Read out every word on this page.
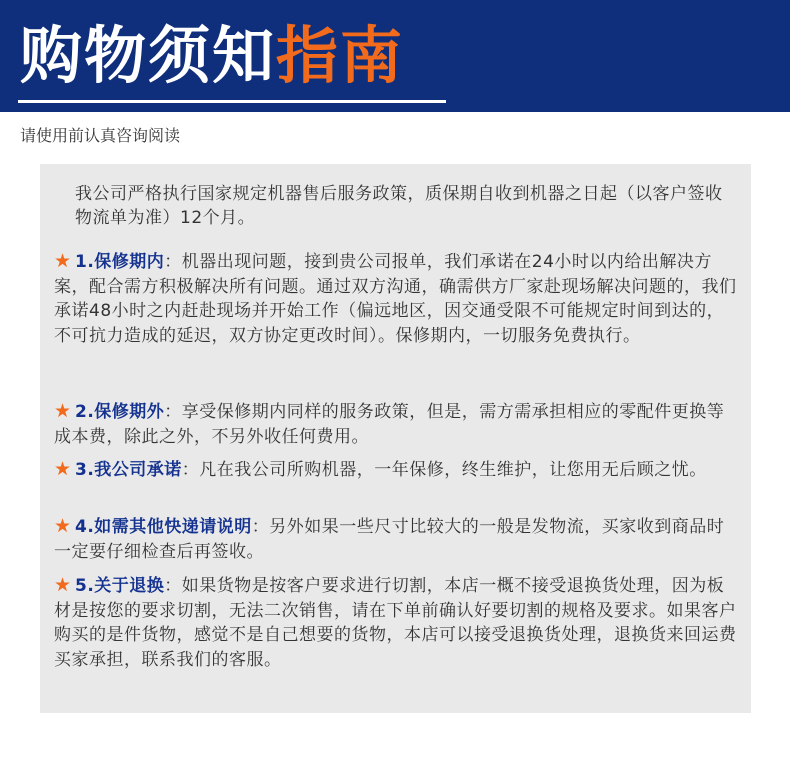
购物须知指南
请使用前认真咨询阅读
我公司严格执行国家规定机器售后服务政策，质保期自收到机器之日起（以客户签收物流单为准）12个月。
★ 1.保修期内：机器出现问题，接到贵公司报单，我们承诺在24小时以内给出解决方案，配合需方积极解决所有问题。通过双方沟通，确需供方厂家赴现场解决问题的，我们承诺48小时之内赶赴现场并开始工作（偏远地区，因交通受限不可能规定时间到达的，不可抗力造成的延迟，双方协定更改时间）。保修期内，一切服务免费执行。
★ 2.保修期外：享受保修期内同样的服务政策，但是，需方需承担相应的零配件更换等成本费，除此之外，不另外收任何费用。
★ 3.我公司承诺：凡在我公司所购机器，一年保修，终生维护，让您用无后顾之忧。
★ 4.如需其他快递请说明：另外如果一些尺寸比较大的一般是发物流，买家收到商品时一定要仔细检查后再签收。
★ 5.关于退换：如果货物是按客户要求进行切割，本店一概不接受退换货处理，因为板材是按您的要求切割，无法二次销售，请在下单前确认好要切割的规格及要求。如果客户购买的是件货物，感觉不是自己想要的货物，本店可以接受退换货处理，退换货来回运费买家承担，联系我们的客服。
